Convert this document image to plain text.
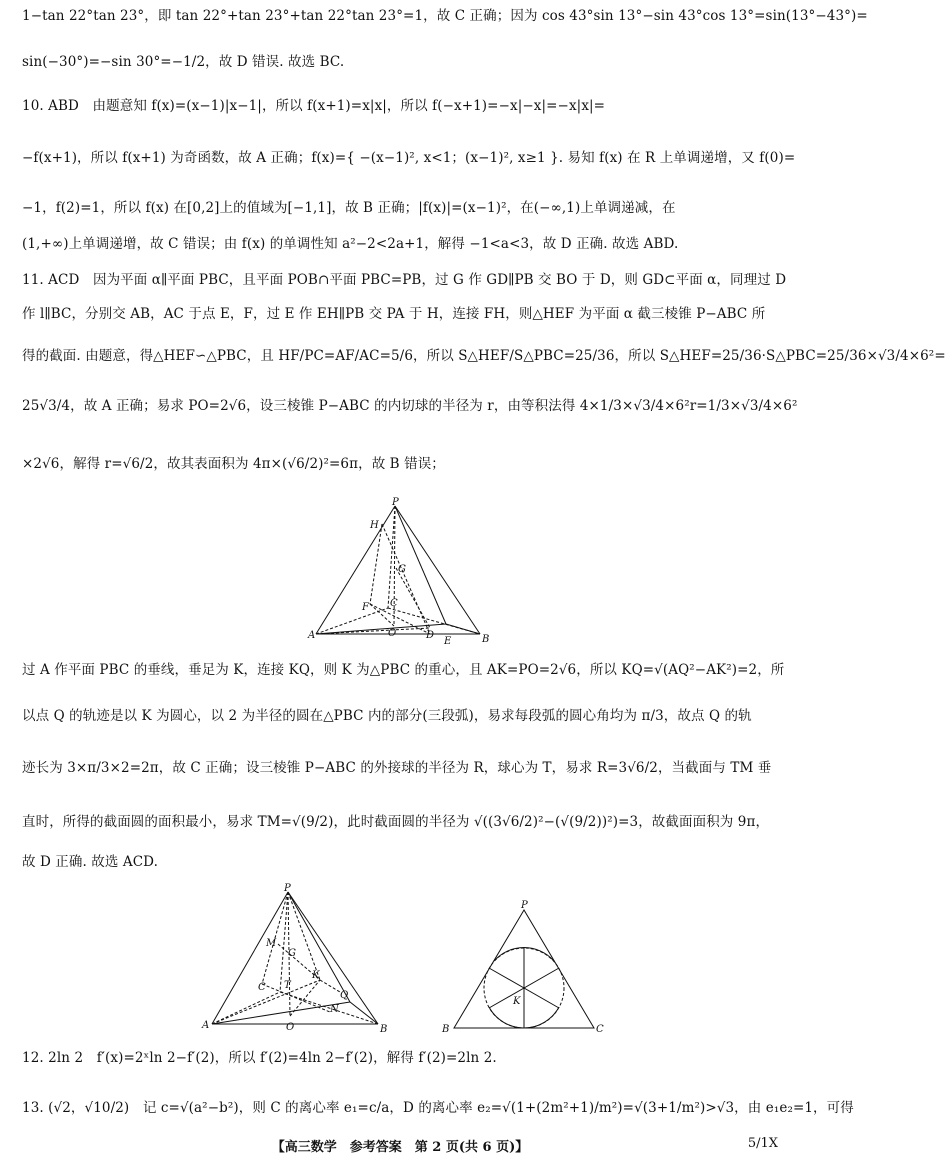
1−tan 22°tan 23°，即 tan 22°+tan 23°+tan 22°tan 23°=1，故 C 正确；因为 cos 43°sin 13°−sin 43°cos 13°=sin(13°−43°)=
sin(−30°)=−sin 30°=−1/2，故 D 错误. 故选 BC.
10. ABD　由题意知 f(x)=(x−1)|x−1|，所以 f(x+1)=x|x|，所以 f(−x+1)=−x|−x|=−x|x|=
−f(x+1)，所以 f(x+1) 为奇函数，故 A 正确；f(x)={ −(x−1)², x<1；(x−1)², x≥1 }. 易知 f(x) 在 R 上单调递增，又 f(0)=
−1，f(2)=1，所以 f(x) 在[0,2]上的值域为[−1,1]，故 B 正确；|f(x)|=(x−1)²，在(−∞,1)上单调递减，在
(1,+∞)上单调递增，故 C 错误；由 f(x) 的单调性知 a²−2<2a+1，解得 −1<a<3，故 D 正确. 故选 ABD.
11. ACD　因为平面 α∥平面 PBC，且平面 POB∩平面 PBC=PB，过 G 作 GD∥PB 交 BO 于 D，则 GD⊂平面 α，同理过 D
作 l∥BC，分别交 AB，AC 于点 E，F，过 E 作 EH∥PB 交 PA 于 H，连接 FH，则△HEF 为平面 α 截三棱锥 P−ABC 所
得的截面. 由题意，得△HEF∽△PBC，且 HF/PC=AF/AC=5/6，所以 S△HEF/S△PBC=25/36，所以 S△HEF=25/36·S△PBC=25/36×√3/4×6²=
25√3/4，故 A 正确；易求 PO=2√6，设三棱锥 P−ABC 的内切球的半径为 r，由等积法得 4×1/3×√3/4×6²r=1/3×√3/4×6²
×2√6，解得 r=√6/2，故其表面积为 4π×(√6/2)²=6π，故 B 错误；
P
H
G
C
F
O	D
A
E	B
过 A 作平面 PBC 的垂线，垂足为 K，连接 KQ，则 K 为△PBC 的重心，且 AK=PO=2√6，所以 KQ=√(AQ²−AK²)=2，所
以点 Q 的轨迹是以 K 为圆心，以 2 为半径的圆在△PBC 内的部分(三段弧)，易求每段弧的圆心角均为 π/3，故点 Q 的轨
迹长为 3×π/3×2=2π，故 C 正确；设三棱锥 P−ABC 的外接球的半径为 R，球心为 T，易求 R=3√6/2，当截面与 TM 垂
直时，所得的截面圆的面积最小，易求 TM=√(9/2)，此时截面圆的半径为 √((3√6/2)²−(√(9/2))²)=3，故截面面积为 9π，
故 D 正确. 故选 ACD.
P
M
G
K
C T
Q
N
A	O	B
P
K
B	C
12. 2ln 2　f′(x)=2ˣln 2−f′(2)，所以 f′(2)=4ln 2−f′(2)，解得 f′(2)=2ln 2.
13. (√2，√10/2)　记 c=√(a²−b²)，则 C 的离心率 e₁=c/a，D 的离心率 e₂=√(1+(2m²+1)/m²)=√(3+1/m²)>√3，由 e₁e₂=1，可得
【高三数学　参考答案　第 2 页(共 6 页)】	5/1X
